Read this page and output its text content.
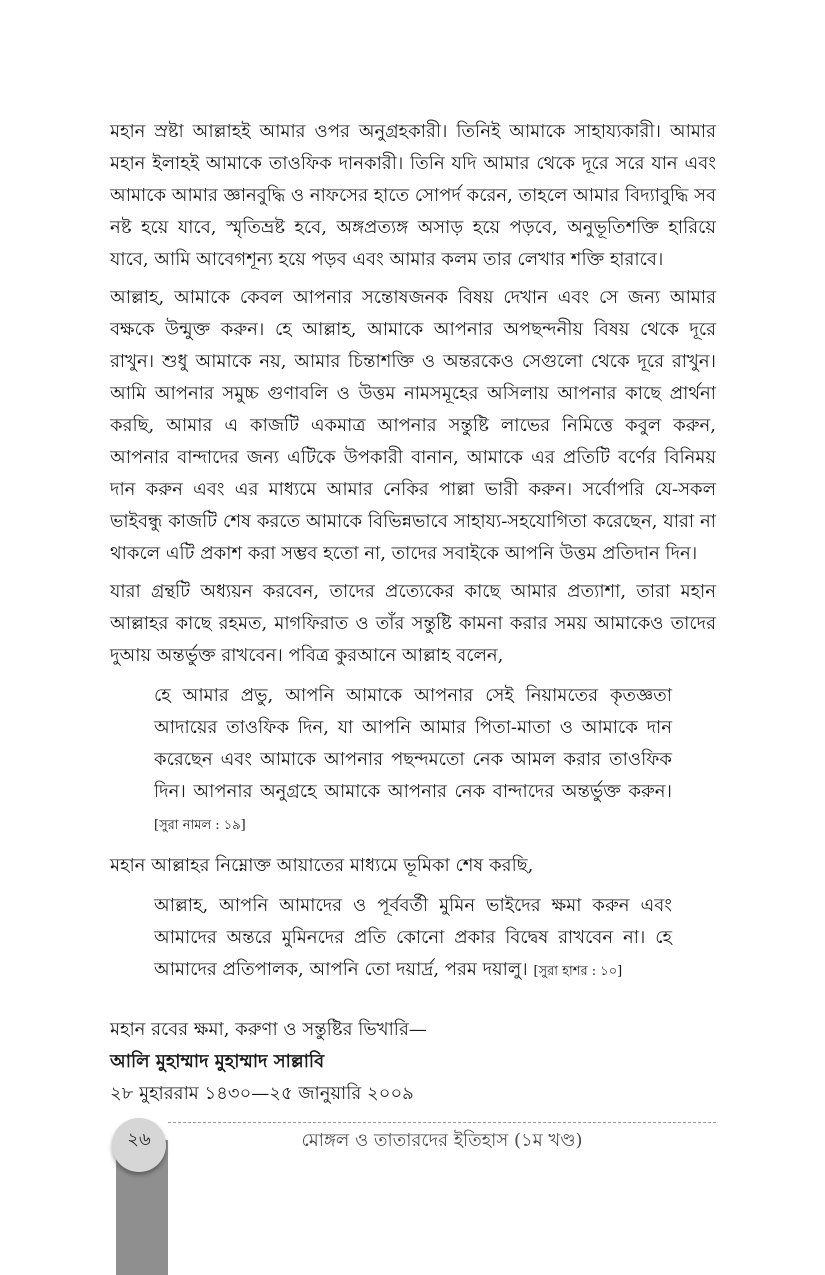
মহান স্রষ্টা আল্লাহই আমার ওপর অনুগ্রহকারী। তিনিই আমাকে সাহায্যকারী। আমার মহান ইলাহই আমাকে তাওফিক দানকারী। তিনি যদি আমার থেকে দূরে সরে যান এবং আমাকে আমার জ্ঞানবুদ্ধি ও নাফসের হাতে সোপর্দ করেন, তাহলে আমার বিদ্যাবুদ্ধি সব নষ্ট হয়ে যাবে, স্মৃতিভ্রষ্ট হবে, অঙ্গপ্রত্যঙ্গ অসাড় হয়ে পড়বে, অনুভূতিশক্তি হারিয়ে যাবে, আমি আবেগশূন্য হয়ে পড়ব এবং আমার কলম তার লেখার শক্তি হারাবে।

আল্লাহ, আমাকে কেবল আপনার সন্তোষজনক বিষয় দেখান এবং সে জন্য আমার বক্ষকে উন্মুক্ত করুন। হে আল্লাহ, আমাকে আপনার অপছন্দনীয় বিষয় থেকে দূরে রাখুন। শুধু আমাকে নয়, আমার চিন্তাশক্তি ও অন্তরকেও সেগুলো থেকে দূরে রাখুন। আমি আপনার সমুচ্চ গুণাবলি ও উত্তম নামসমূহের অসিলায় আপনার কাছে প্রার্থনা করছি, আমার এ কাজটি একমাত্র আপনার সন্তুষ্টি লাভের নিমিত্তে কবুল করুন, আপনার বান্দাদের জন্য এটিকে উপকারী বানান, আমাকে এর প্রতিটি বর্ণের বিনিময় দান করুন এবং এর মাধ্যমে আমার নেকির পাল্লা ভারী করুন। সর্বোপরি যে-সকল ভাইবন্ধু কাজটি শেষ করতে আমাকে বিভিন্নভাবে সাহায্য-সহযোগিতা করেছেন, যারা না থাকলে এটি প্রকাশ করা সম্ভব হতো না, তাদের সবাইকে আপনি উত্তম প্রতিদান দিন।

যারা গ্রন্থটি অধ্যয়ন করবেন, তাদের প্রত্যেকের কাছে আমার প্রত্যাশা, তারা মহান আল্লাহর কাছে রহমত, মাগফিরাত ও তাঁর সন্তুষ্টি কামনা করার সময় আমাকেও তাদের দুআয় অন্তর্ভুক্ত রাখবেন। পবিত্র কুরআনে আল্লাহ বলেন,

হে আমার প্রভু, আপনি আমাকে আপনার সেই নিয়ামতের কৃতজ্ঞতা আদায়ের তাওফিক দিন, যা আপনি আমার পিতা-মাতা ও আমাকে দান করেছেন এবং আমাকে আপনার পছন্দমতো নেক আমল করার তাওফিক দিন। আপনার অনুগ্রহে আমাকে আপনার নেক বান্দাদের অন্তর্ভুক্ত করুন। [সুরা নামল : ১৯]

মহান আল্লাহর নিম্নোক্ত আয়াতের মাধ্যমে ভূমিকা শেষ করছি,

আল্লাহ, আপনি আমাদের ও পূর্ববর্তী মুমিন ভাইদের ক্ষমা করুন এবং আমাদের অন্তরে মুমিনদের প্রতি কোনো প্রকার বিদ্বেষ রাখবেন না। হে আমাদের প্রতিপালক, আপনি তো দয়ার্দ্র, পরম দয়ালু। [সুরা হাশর : ১০]

মহান রবের ক্ষমা, করুণা ও সন্তুষ্টির ভিখারি—

আলি মুহাম্মাদ মুহাম্মাদ সাল্লাবি

২৮ মুহাররাম ১৪৩০—২৫ জানুয়ারি ২০০৯

২৬	মোঙ্গল ও তাতারদের ইতিহাস (১ম খণ্ড)
